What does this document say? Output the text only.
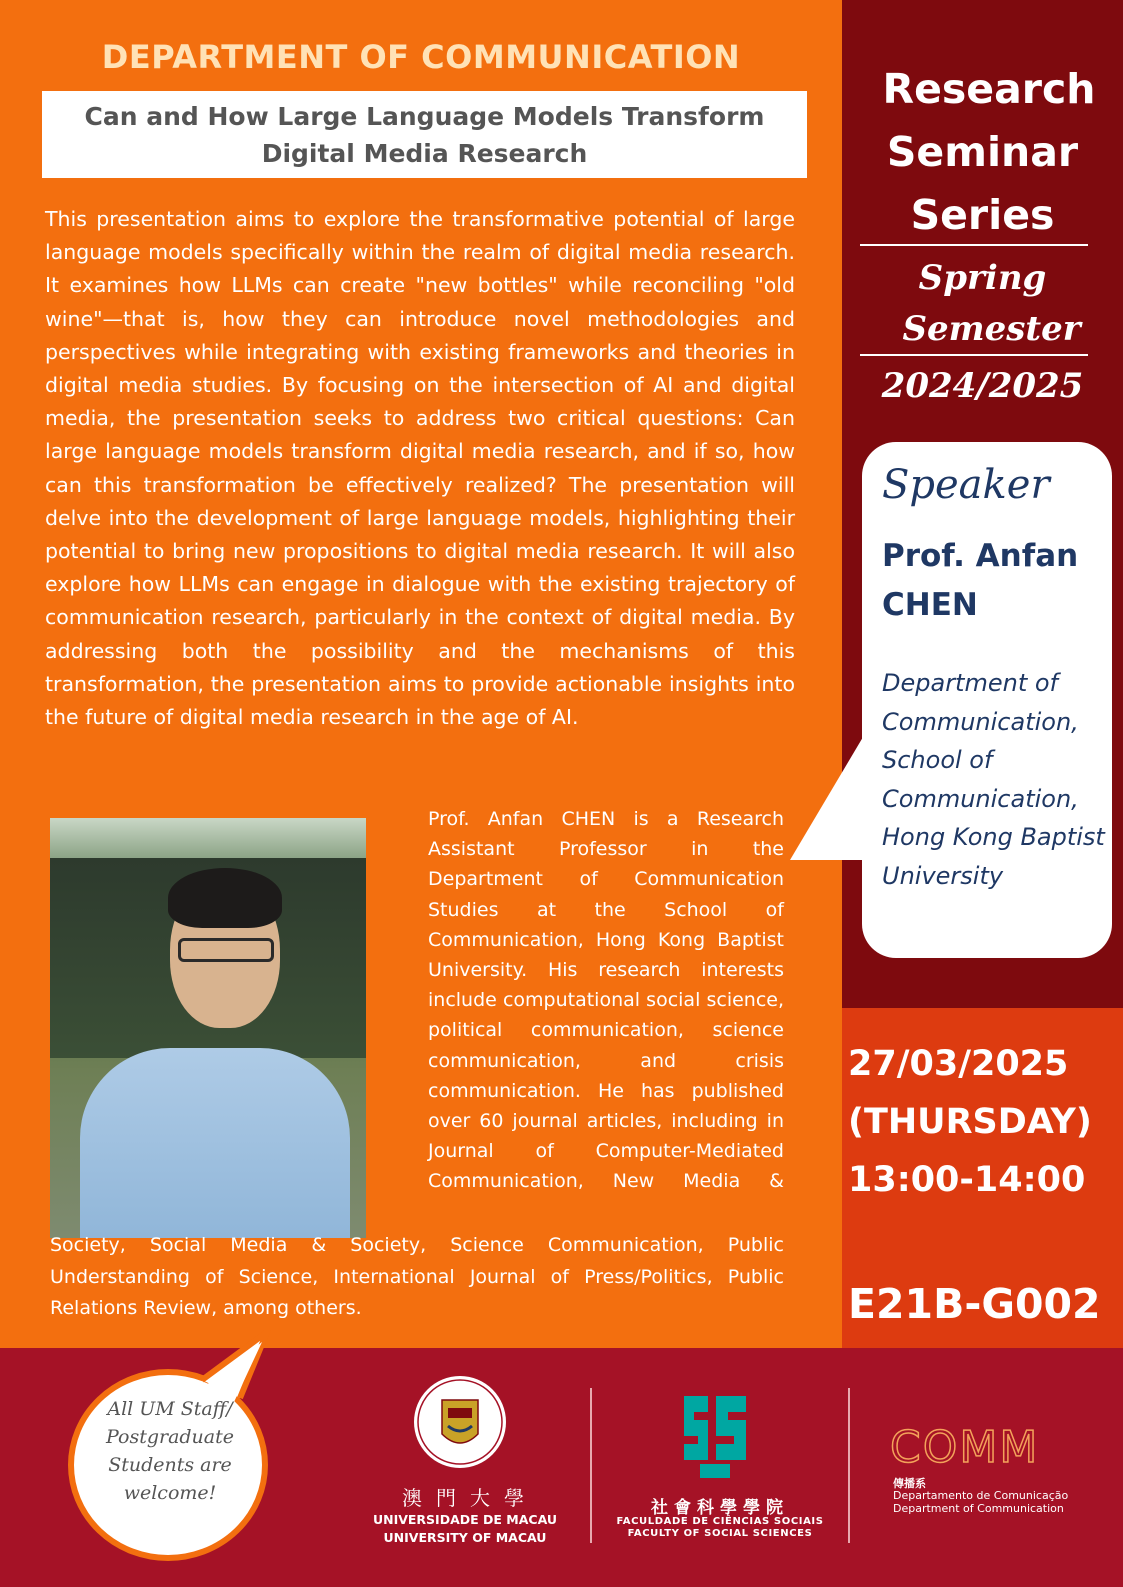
DEPARTMENT OF COMMUNICATION
Can and How Large Language Models Transform Digital Media Research

This presentation aims to explore the transformative potential of large language models specifically within the realm of digital media research. It examines how LLMs can create "new bottles" while reconciling "old wine"—that is, how they can introduce novel methodologies and perspectives while integrating with existing frameworks and theories in digital media studies. By focusing on the intersection of AI and digital media, the presentation seeks to address two critical questions: Can large language models transform digital media research, and if so, how can this transformation be effectively realized? The presentation will delve into the development of large language models, highlighting their potential to bring new propositions to digital media research. It will also explore how LLMs can engage in dialogue with the existing trajectory of communication research, particularly in the context of digital media. By addressing both the possibility and the mechanisms of this transformation, the presentation aims to provide actionable insights into the future of digital media research in the age of AI.

Prof. Anfan CHEN is a Research Assistant Professor in the Department of Communication Studies at the School of Communication, Hong Kong Baptist University. His research interests include computational social science, political communication, science communication, and crisis communication. He has published over 60 journal articles, including in Journal of Computer-Mediated Communication, New Media &

Society, Social Media & Society, Science Communication, Public Understanding of Science, International Journal of Press/Politics, Public Relations Review, among others.

Research Seminar Series
Spring Semester
2024/2025
Speaker
Prof. Anfan CHEN
Department of Communication, School of Communication, Hong Kong Baptist University
27/03/2025
(THURSDAY)
13:00-14:00
E21B-G002
All UM Staff/ Postgraduate Students are welcome!	澳門大學
UNIVERSIDADE DE MACAU
UNIVERSITY OF MACAU
社會科學學院
FACULDADE DE CIÊNCIAS SOCIAIS
FACULTY OF SOCIAL SCIENCES
COMM
傳播系
Departamento de Comunicação
Department of Communication
